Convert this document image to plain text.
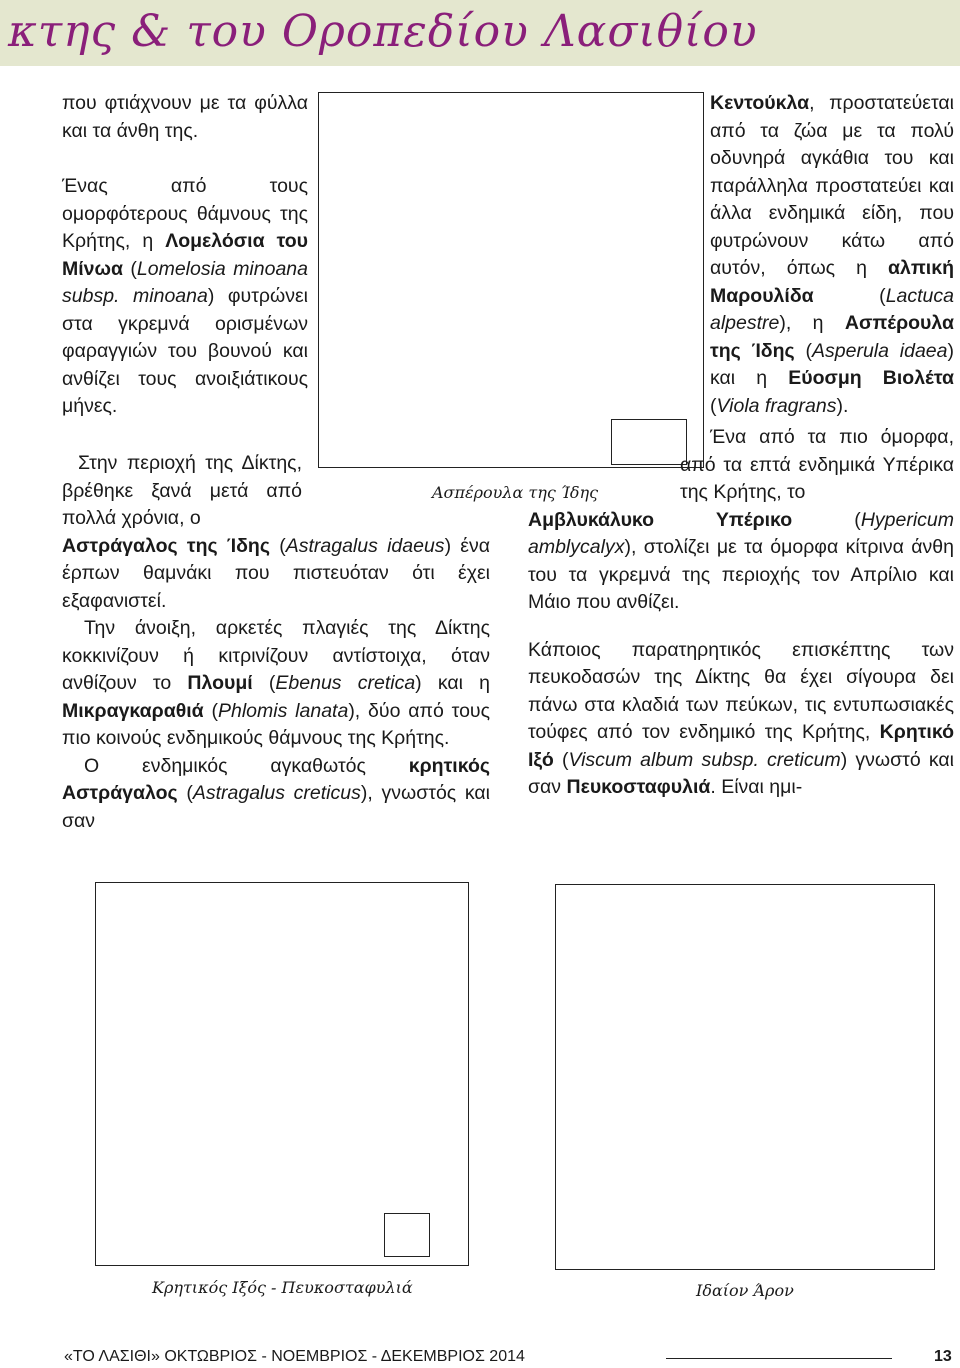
κτης & του Οροπεδίου Λασιθίου
Ασπέρουλα της Ίδης

που φτιάχνουν με τα φύλλα και τα άνθη της.

Ένας από τους ομορφότερους θάμνους της Κρήτης, η Λομελόσια του Μίνωα (Lomelosia minoana subsp. minoana) φυτρώνει στα γκρεμνά ορισμένων φαραγγιών του βουνού και ανθίζει τους ανοιξιάτικους μήνες.

Στην περιοχή της Δίκτης, βρέθηκε ξανά μετά από πολλά χρόνια, ο

Αστράγαλος της Ίδης (Astragalus idaeus) ένα έρπων θαμνάκι που πιστευόταν ότι έχει εξαφανιστεί.

Την άνοιξη, αρκετές πλαγιές της Δίκτης κοκκινίζουν ή κιτρινίζουν αντίστοιχα, όταν ανθίζουν το Πλουμί (Ebenus cretica) και η Μικραγκαραθιά (Phlomis lanata), δύο από τους πιο κοινούς ενδημικούς θάμνους της Κρήτης.

Ο ενδημικός αγκαθωτός κρητικός Αστράγαλος (Astragalus creticus), γνωστός και σαν

Κεντούκλα, προστατεύεται από τα ζώα με τα πολύ οδυνηρά αγκάθια του και παράλληλα προστατεύει και άλλα ενδημικά είδη, που φυτρώνουν κάτω από αυτόν, όπως η αλπική Μαρουλίδα (Lactuca alpestre), η Ασπέρουλα της Ίδης (Asperula idaea) και η Εύοσμη Βιολέτα (Viola fragrans).

Ένα από τα πιο όμορφα, από τα επτά ενδημικά Υπέρικα της Κρήτης, το

Αμβλυκάλυκο Υπέρικο (Hypericum amblycalyx), στολίζει με τα όμορφα κίτρινα άνθη του τα γκρεμνά της περιοχής τον Απρίλιο και Μάιο που ανθίζει.

Κάποιος παρατηρητικός επισκέπτης των πευκοδασών της Δίκτης θα έχει σίγουρα δει πάνω στα κλαδιά των πεύκων, τις εντυπωσιακές τούφες από τον ενδημικό της Κρήτης, Κρητικό Ιξό (Viscum album subsp. creticum) γνωστό και σαν Πευκοσταφυλιά. Είναι ημι-

Κρητικός Ιξός - Πευκοσταφυλιά	Ιδαίον Άρον
«ΤΟ ΛΑΣΙΘΙ» ΟΚΤΩΒΡΙΟΣ - ΝΟΕΜΒΡΙΟΣ - ΔΕΚΕΜΒΡΙΟΣ 2014	13
